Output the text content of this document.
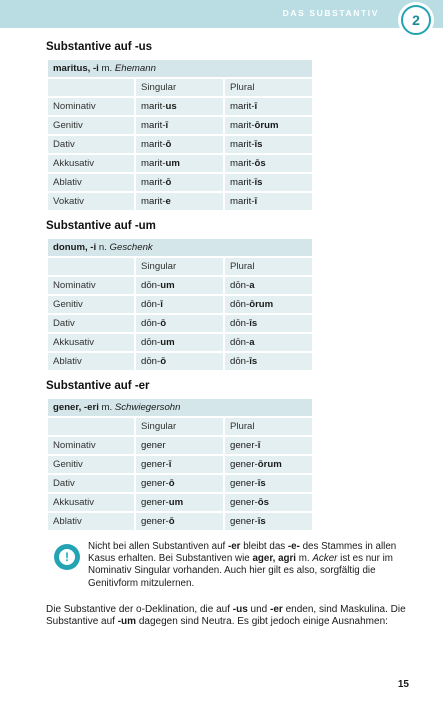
DAS SUBSTANTIV	2
Substantive auf -us
maritus, -i m. Ehemann		
	Singular	Plural
Nominativ	marit-us	marit-ī
Genitiv	marit-ī	marit-ōrum
Dativ	marit-ō	marit-īs
Akkusativ	marit-um	marit-ōs
Ablativ	marit-ō	marit-īs
Vokativ	marit-e	marit-ī
Substantive auf -um
donum, -i n. Geschenk		
	Singular	Plural
Nominativ	dōn-um	dōn-a
Genitiv	dōn-ī	dōn-ōrum
Dativ	dōn-ō	dōn-īs
Akkusativ	dōn-um	dōn-a
Ablativ	dōn-ō	dōn-īs
Substantive auf -er
gener, -eri m. Schwiegersohn		
	Singular	Plural
Nominativ	gener	gener-ī
Genitiv	gener-ī	gener-ōrum
Dativ	gener-ō	gener-īs
Akkusativ	gener-um	gener-ōs
Ablativ	gener-ō	gener-īs
!
Nicht bei allen Substantiven auf -er bleibt das -e- des Stammes in allen Kasus erhalten. Bei Substantiven wie ager, agri m. Acker ist es nur im Nominativ Singular vorhanden. Auch hier gilt es also, sorgfältig die Genitivform mitzulernen.
Die Substantive der o-Deklination, die auf -us und -er enden, sind Maskulina. Die Substantive auf -um dagegen sind Neutra. Es gibt jedoch einige Ausnahmen:
15
